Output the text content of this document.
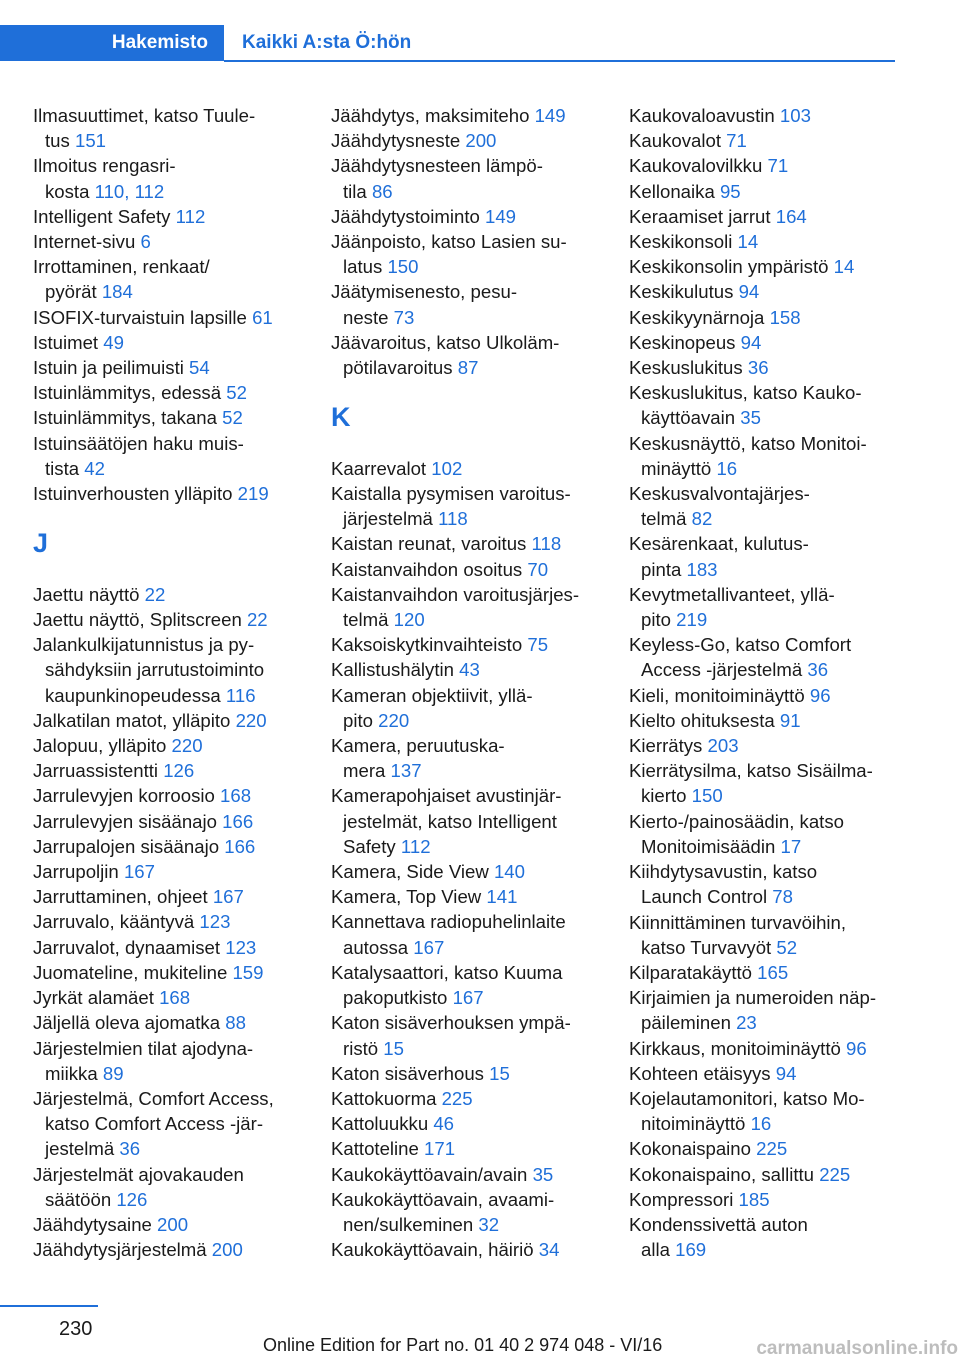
Hakemisto	Kaikki A:sta Ö:hön
Ilmasuuttimet, katso Tuule-
tus 151
Ilmoitus rengasri-
kosta 110, 112
Intelligent Safety 112
Internet-sivu 6
Irrottaminen, renkaat/
pyörät 184
ISOFIX-turvaistuin lapsille 61
Istuimet 49
Istuin ja peilimuisti 54
Istuinlämmitys, edessä 52
Istuinlämmitys, takana 52
Istuinsäätöjen haku muis-
tista 42
Istuinverhousten ylläpito 219
J
Jaettu näyttö 22
Jaettu näyttö, Splitscreen 22
Jalankulkijatunnistus ja py-
sähdyksiin jarrutustoiminto
kaupunkinopeudessa 116
Jalkatilan matot, ylläpito 220
Jalopuu, ylläpito 220
Jarruassistentti 126
Jarrulevyjen korroosio 168
Jarrulevyjen sisäänajo 166
Jarrupalojen sisäänajo 166
Jarrupoljin 167
Jarruttaminen, ohjeet 167
Jarruvalo, kääntyvä 123
Jarruvalot, dynaamiset 123
Juomateline, mukiteline 159
Jyrkät alamäet 168
Jäljellä oleva ajomatka 88
Järjestelmien tilat ajodyna-
miikka 89
Järjestelmä, Comfort Access,
katso Comfort Access -jär-
jestelmä 36
Järjestelmät ajovakauden
säätöön 126
Jäähdytysaine 200
Jäähdytysjärjestelmä 200
Jäähdytys, maksimiteho 149
Jäähdytysneste 200
Jäähdytysnesteen lämpö-
tila 86
Jäähdytystoiminto 149
Jäänpoisto, katso Lasien su-
latus 150
Jäätymisenesto, pesu-
neste 73
Jäävaroitus, katso Ulkoläm-
pötilavaroitus 87
K
Kaarrevalot 102
Kaistalla pysymisen varoitus-
järjestelmä 118
Kaistan reunat, varoitus 118
Kaistanvaihdon osoitus 70
Kaistanvaihdon varoitusjärjes-
telmä 120
Kaksoiskytkinvaihteisto 75
Kallistushälytin 43
Kameran objektiivit, yllä-
pito 220
Kamera, peruutuska-
mera 137
Kamerapohjaiset avustinjär-
jestelmät, katso Intelligent
Safety 112
Kamera, Side View 140
Kamera, Top View 141
Kannettava radiopuhelinlaite
autossa 167
Katalysaattori, katso Kuuma
pakoputkisto 167
Katon sisäverhouksen ympä-
ristö 15
Katon sisäverhous 15
Kattokuorma 225
Kattoluukku 46
Kattoteline 171
Kaukokäyttöavain/avain 35
Kaukokäyttöavain, avaami-
nen/sulkeminen 32
Kaukokäyttöavain, häiriö 34
Kaukovaloavustin 103
Kaukovalot 71
Kaukovalovilkku 71
Kellonaika 95
Keraamiset jarrut 164
Keskikonsoli 14
Keskikonsolin ympäristö 14
Keskikulutus 94
Keskikyynärnoja 158
Keskinopeus 94
Keskuslukitus 36
Keskuslukitus, katso Kauko-
käyttöavain 35
Keskusnäyttö, katso Monitoi-
minäyttö 16
Keskusvalvontajärjes-
telmä 82
Kesärenkaat, kulutus-
pinta 183
Kevytmetallivanteet, yllä-
pito 219
Keyless-Go, katso Comfort
Access -järjestelmä 36
Kieli, monitoiminäyttö 96
Kielto ohituksesta 91
Kierrätys 203
Kierrätysilma, katso Sisäilma-
kierto 150
Kierto-/painosäädin, katso
Monitoimisäädin 17
Kiihdytysavustin, katso
Launch Control 78
Kiinnittäminen turvavöihin,
katso Turvavyöt 52
Kilparatakäyttö 165
Kirjaimien ja numeroiden näp-
päileminen 23
Kirkkaus, monitoiminäyttö 96
Kohteen etäisyys 94
Kojelautamonitori, katso Mo-
nitoiminäyttö 16
Kokonaispaino 225
Kokonaispaino, sallittu 225
Kompressori 185
Kondenssivettä auton
alla 169
230
Online Edition for Part no. 01 40 2 974 048 - VI/16	carmanualsonline.info
